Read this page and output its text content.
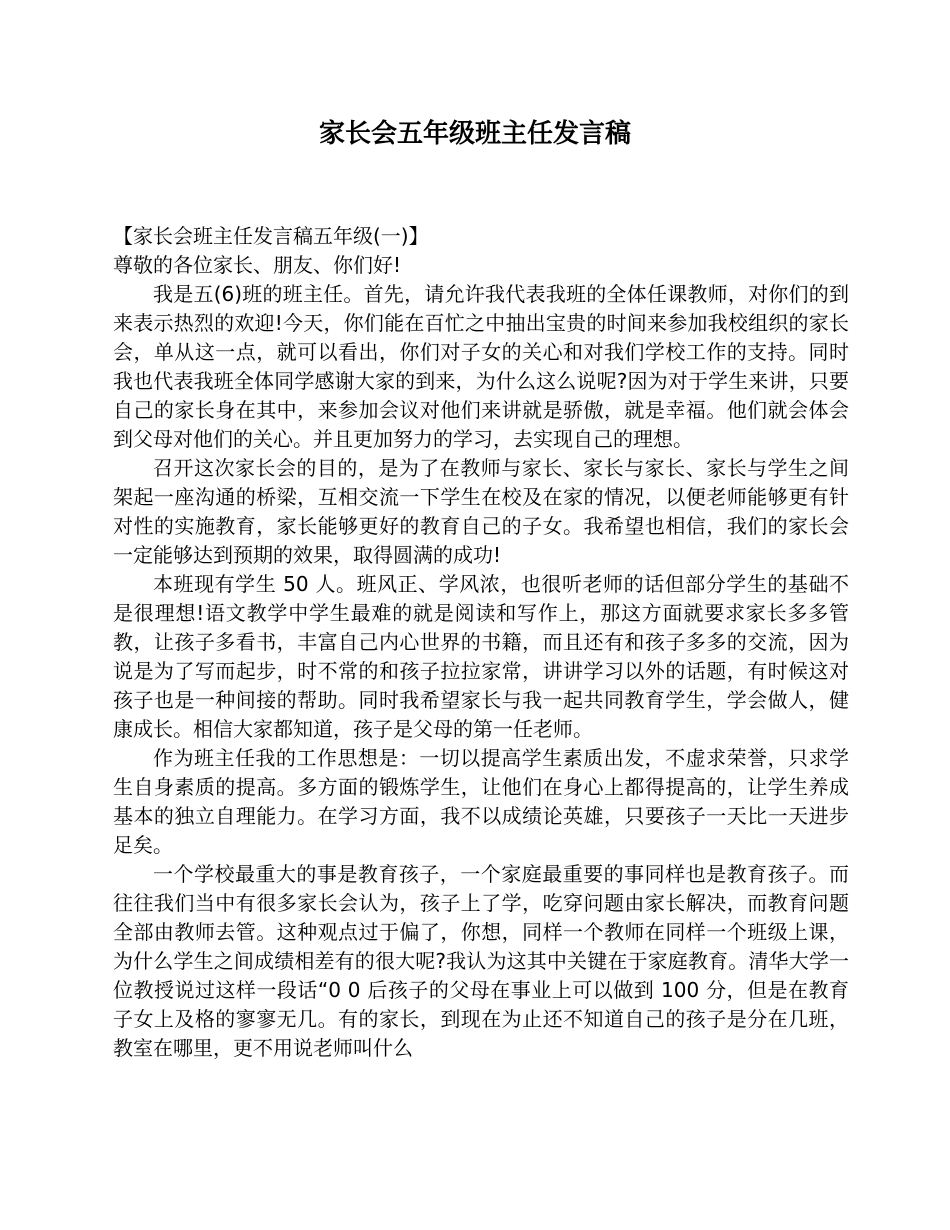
家长会五年级班主任发言稿

【家长会班主任发言稿五年级(一)】

尊敬的各位家长、朋友、你们好!

我是五(6)班的班主任。首先，请允许我代表我班的全体任课教师，对你们的到来表示热烈的欢迎!今天，你们能在百忙之中抽出宝贵的时间来参加我校组织的家长会，单从这一点，就可以看出，你们对子女的关心和对我们学校工作的支持。同时我也代表我班全体同学感谢大家的到来，为什么这么说呢?因为对于学生来讲，只要自己的家长身在其中，来参加会议对他们来讲就是骄傲，就是幸福。他们就会体会到父母对他们的关心。并且更加努力的学习，去实现自己的理想。

召开这次家长会的目的，是为了在教师与家长、家长与家长、家长与学生之间架起一座沟通的桥梁，互相交流一下学生在校及在家的情况，以便老师能够更有针对性的实施教育，家长能够更好的教育自己的子女。我希望也相信，我们的家长会一定能够达到预期的效果，取得圆满的成功!

本班现有学生 50 人。班风正、学风浓，也很听老师的话但部分学生的基础不是很理想!语文教学中学生最难的就是阅读和写作上，那这方面就要求家长多多管教，让孩子多看书，丰富自己内心世界的书籍，而且还有和孩子多多的交流，因为说是为了写而起步，时不常的和孩子拉拉家常，讲讲学习以外的话题，有时候这对孩子也是一种间接的帮助。同时我希望家长与我一起共同教育学生，学会做人，健康成长。相信大家都知道，孩子是父母的第一任老师。

作为班主任我的工作思想是：一切以提高学生素质出发，不虚求荣誉，只求学生自身素质的提高。多方面的锻炼学生，让他们在身心上都得提高的，让学生养成基本的独立自理能力。在学习方面，我不以成绩论英雄，只要孩子一天比一天进步足矣。

一个学校最重大的事是教育孩子，一个家庭最重要的事同样也是教育孩子。而往往我们当中有很多家长会认为，孩子上了学，吃穿问题由家长解决，而教育问题全部由教师去管。这种观点过于偏了，你想，同样一个教师在同样一个班级上课，为什么学生之间成绩相差有的很大呢?我认为这其中关键在于家庭教育。清华大学一位教授说过这样一段话“0 0 后孩子的父母在事业上可以做到 100 分，但是在教育子女上及格的寥寥无几。有的家长，到现在为止还不知道自己的孩子是分在几班，教室在哪里，更不用说老师叫什么
